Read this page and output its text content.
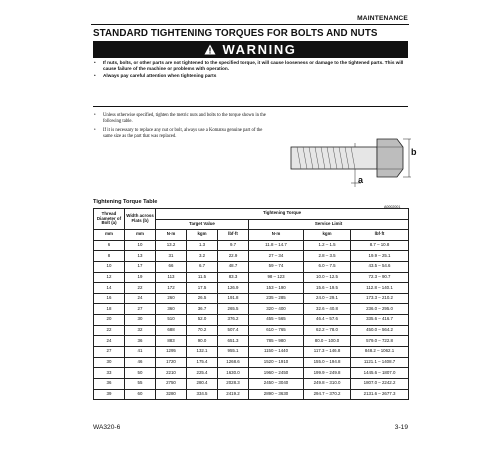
MAINTENANCE
STANDARD TIGHTENING TORQUES FOR BOLTS AND NUTS
WARNING

• If nuts, bolts, or other parts are not tightened to the specified torque, it will cause looseness or damage to the tightened parts. This will cause failure of the machine or problems with operation.

• Always pay careful attention when tightening parts

• Unless otherwise specified, tighten the metric nuts and bolts to the torque shown in the following table.
• If it is necessary to replace any nut or bolt, always use a Komatsu genuine part of the same size as the part that was replaced.
b
a
A0002001
Tightening Torque Table
Thread Diameter of Bolt (a)	Width across Flats (b)	Tightening Torque					
		Target Value			Service Limit		
mm	mm	N·m	kgm	lbf·ft	N·m	kgm	lbf·ft
6	10	13.2	1.3	9.7	11.8 – 14.7	1.2 – 1.5	8.7 – 10.8
8	13	31	3.2	22.9	27 – 34	2.8 – 3.5	19.9 – 25.1
10	17	66	6.7	48.7	59 – 74	6.0 – 7.5	43.5 – 54.6
12	19	113	11.5	83.3	98 – 123	10.0 – 12.5	72.3 – 90.7
14	22	172	17.5	126.9	153 – 190	15.6 – 19.5	112.8 – 140.1
16	24	260	26.5	191.8	235 – 285	24.0 – 29.1	173.3 – 210.2
18	27	360	36.7	265.5	320 – 400	32.6 – 40.8	236.0 – 295.0
20	30	510	52.0	376.2	455 – 565	46.4 – 57.6	335.6 – 416.7
22	32	688	70.2	507.4	610 – 765	62.2 – 78.0	450.0 – 564.2
24	36	883	90.0	651.3	785 – 980	80.0 – 100.0	579.0 – 722.8
27	41	1295	132.1	955.1	1150 – 1440	117.3 – 146.8	848.2 – 1062.1
30	46	1720	175.4	1268.6	1520 – 1910	155.0 – 194.8	1121.1 – 1408.7
33	50	2210	225.4	1630.0	1960 – 2450	199.9 – 249.8	1445.6 – 1807.0
36	55	2750	280.4	2028.3	2450 – 3040	249.8 – 310.0	1807.0 – 2242.2
39	60	3280	334.5	2419.2	2890 – 3630	294.7 – 370.2	2131.6 – 2677.3
WA320-6	3-19
